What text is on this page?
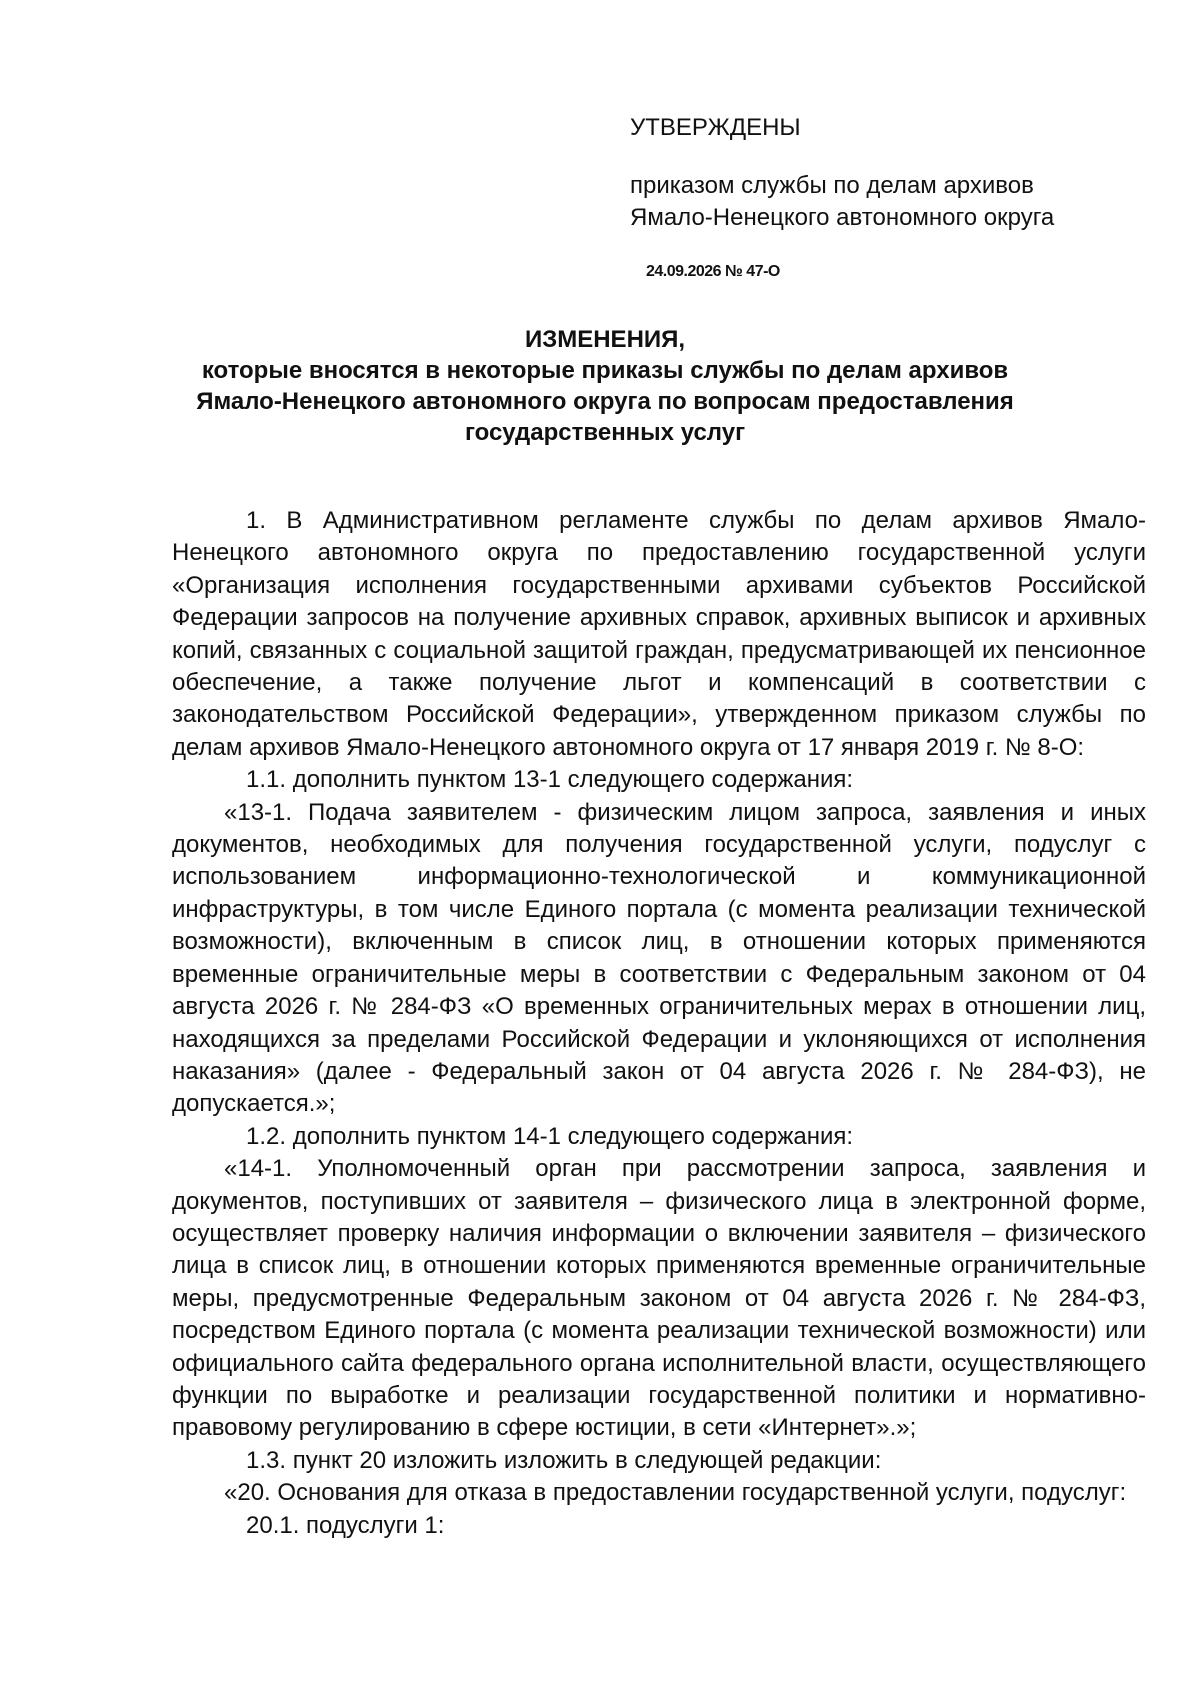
УТВЕРЖДЕНЫ
приказом службы по делам архивов
Ямало-Ненецкого автономного округа
24.09.2026 № 47-О
ИЗМЕНЕНИЯ,
которые вносятся в некоторые приказы службы по делам архивов
Ямало-Ненецкого автономного округа по вопросам предоставления
государственных услуг

1. В Административном регламенте службы по делам архивов Ямало-Ненецкого автономного округа по предоставлению государственной услуги «Организация исполнения государственными архивами субъектов Российской Федерации запросов на получение архивных справок, архивных выписок и архивных копий, связанных с социальной защитой граждан, предусматривающей их пенсионное обеспечение, а также получение льгот и компенсаций в соответствии с законодательством Российской Федерации», утвержденном приказом службы по делам архивов Ямало-Ненецкого автономного округа от 17 января 2019 г. № 8-О:

1.1. дополнить пунктом 13-1 следующего содержания:

«13-1. Подача заявителем - физическим лицом запроса, заявления и иных документов, необходимых для получения государственной услуги, подуслуг с использованием информационно-технологической и коммуникационной инфраструктуры, в том числе Единого портала (с момента реализации технической возможности), включенным в список лиц, в отношении которых применяются временные ограничительные меры в соответствии с Федеральным законом от 04 августа 2026 г. № 284-ФЗ «О временных ограничительных мерах в отношении лиц, находящихся за пределами Российской Федерации и уклоняющихся от исполнения наказания» (далее - Федеральный закон от 04 августа 2026 г. № 284-ФЗ), не допускается.»;

1.2. дополнить пунктом 14-1 следующего содержания:

«14-1. Уполномоченный орган при рассмотрении запроса, заявления и документов, поступивших от заявителя – физического лица в электронной форме, осуществляет проверку наличия информации о включении заявителя – физического лица в список лиц, в отношении которых применяются временные ограничительные меры, предусмотренные Федеральным законом от 04 августа 2026 г. № 284-ФЗ, посредством Единого портала (с момента реализации технической возможности) или официального сайта федерального органа исполнительной власти, осуществляющего функции по выработке и реализации государственной политики и нормативно-правовому регулированию в сфере юстиции, в сети «Интернет».»;

1.3. пункт 20 изложить изложить в следующей редакции:

«20. Основания для отказа в предоставлении государственной услуги, подуслуг:

20.1. подуслуги 1:
